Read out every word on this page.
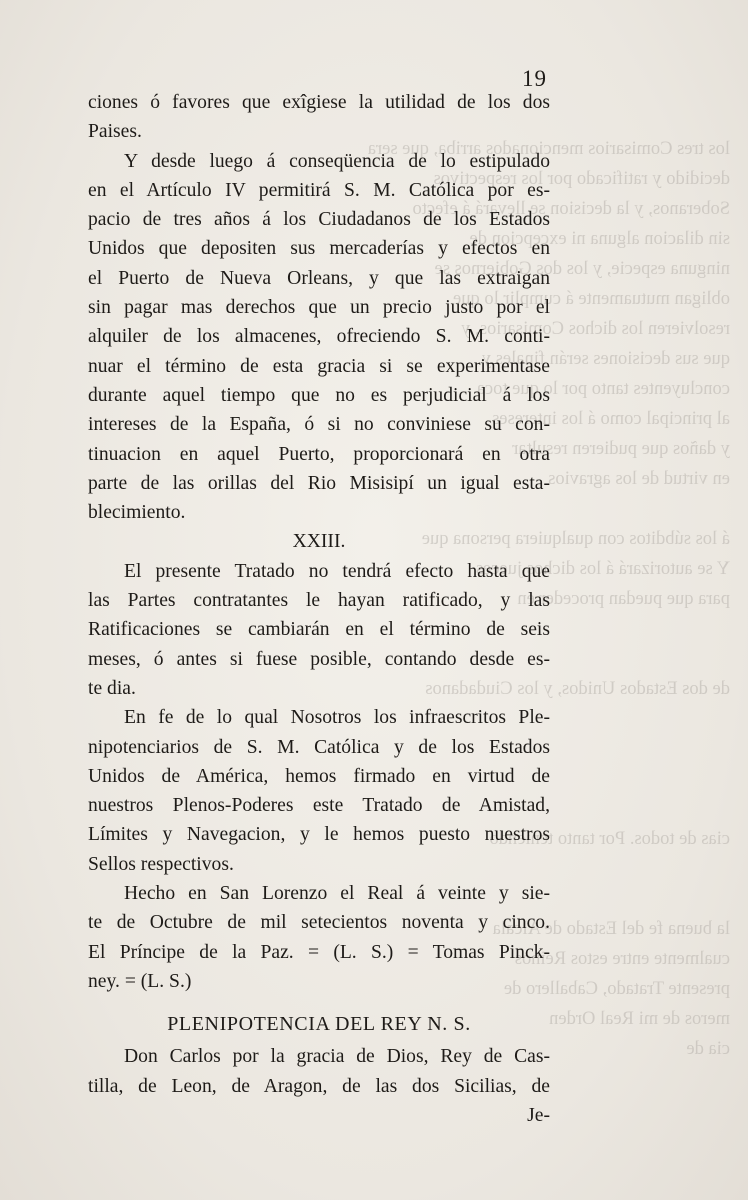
los tres Comisarios mencionados arriba, que sera
decidido y ratificado por los respectivos
Soberanos, y la decision se llevará á efecto
sin dilacion alguna ni excepcion de
ninguna especie, y los dos Gobiernos se
obligan mutuamente á cumplir lo que
resolvieren los dichos Comisarios, y
que sus decisiones serán finales y
concluyentes tanto por lo que toca
al principal como á los intereses
y daños que pudieren resultar
en virtud de los agravios

á los súbditos con qualquiera persona que
Y se autorizará á los dichos jueces
para que puedan proceder en

de dos Estados Unidos, y los Ciudadanos

cias de todos. Por tanto teniendo

la buena fe del Estado de Alcala
cualmente entre estos Reinos
presente Tratado, Caballero de
meros de mi Real Orden
cia de
19
ciones ó favores que exîgiese la utilidad de los dos
Paises.
Y desde luego á conseqüencia de lo estipulado
en el Artículo IV permitirá S. M. Católica por es-
pacio de tres años á los Ciudadanos de los Estados
Unidos que depositen sus mercaderías y efectos en
el Puerto de Nueva Orleans, y que las extraigan
sin pagar mas derechos que un precio justo por el
alquiler de los almacenes, ofreciendo S. M. conti-
nuar el término de esta gracia si se experimentase
durante aquel tiempo que no es perjudicial á los
intereses de la España, ó si no conviniese su con-
tinuacion en aquel Puerto, proporcionará en otra
parte de las orillas del Rio Misisipí un igual esta-
blecimiento.
XXIII.
El presente Tratado no tendrá efecto hasta que
las Partes contratantes le hayan ratificado, y las
Ratificaciones se cambiarán en el término de seis
meses, ó antes si fuese posible, contando desde es-
te dia.
En fe de lo qual Nosotros los infraescritos Ple-
nipotenciarios de S. M. Católica y de los Estados
Unidos de América, hemos firmado en virtud de
nuestros Plenos-Poderes este Tratado de Amistad,
Límites y Navegacion, y le hemos puesto nuestros
Sellos respectivos.
Hecho en San Lorenzo el Real á veinte y sie-
te de Octubre de mil setecientos noventa y cinco.
El Príncipe de la Paz. = (L. S.) = Tomas Pinck-
ney. = (L. S.)
PLENIPOTENCIA DEL REY N. S.
Don Carlos por la gracia de Dios, Rey de Cas-
tilla, de Leon, de Aragon, de las dos Sicilias, de
Je-
